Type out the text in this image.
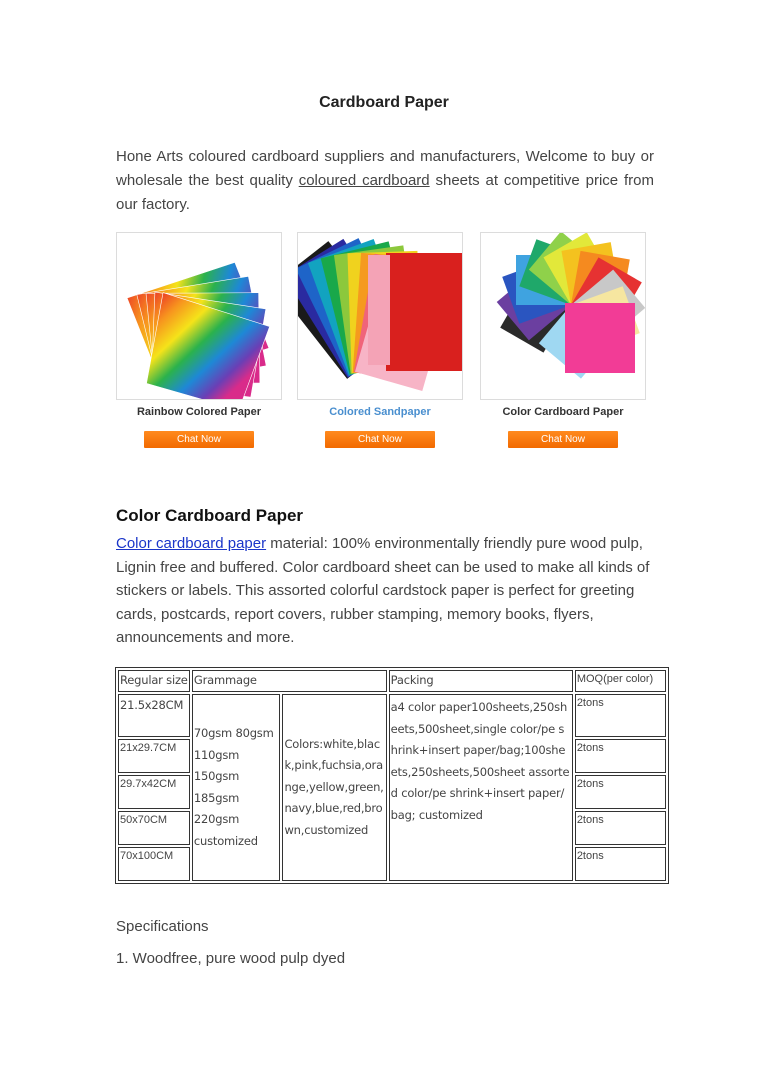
Cardboard Paper
Hone Arts coloured cardboard suppliers and manufacturers, Welcome to buy or wholesale the best quality coloured cardboard sheets at competitive price from our factory.
Rainbow Colored Paper
Chat Now
Colored Sandpaper
Chat Now
Color Cardboard Paper
Chat Now
Color Cardboard Paper
Color cardboard paper material: 100% environmentally friendly pure wood pulp, Lignin free and buffered. Color cardboard sheet can be used to make all kinds of stickers or labels. This assorted colorful cardstock paper is perfect for greeting cards, postcards, report covers, rubber stamping, memory books, flyers, announcements and more.
Regular size	Grammage		Packing	MOQ(per color)
21.5x28CM	70gsm 80gsm 110gsm 150gsm 185gsm 220gsm customized	Colors:white,black,pink,fuchsia,orange,yellow,green,navy,blue,red,brown,customized	a4 color paper100sheets,250sheets,500sheet,single color/pe shrink+insert paper/bag;100sheets,250sheets,500sheet assorted color/pe shrink+insert paper/bag; customized	2tons
21x29.7CM				2tons
29.7x42CM				2tons
50x70CM				2tons
70x100CM				2tons
Specifications
1. Woodfree, pure wood pulp dyed
